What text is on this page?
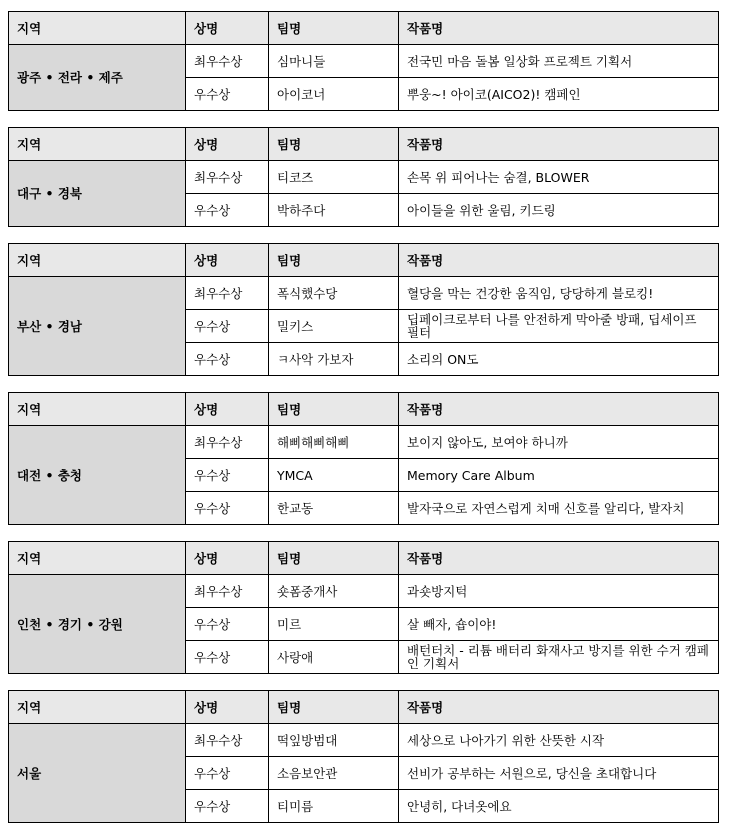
지역	상명	팀명	작품명
광주 • 전라 • 제주	최우수상	심마니들	전국민 마음 돌봄 일상화 프로젝트 기획서
	우수상	아이코너	뿌웅~! 아이코(AICO2)! 캠페인
지역	상명	팀명	작품명
대구 • 경북	최우수상	티코즈	손목 위 피어나는 숨결, BLOWER
	우수상	박하주다	아이들을 위한 울림, 키드링
지역	상명	팀명	작품명
부산 • 경남	최우수상	폭식했수당	혈당을 막는 건강한 움직임, 당당하게 블로킹!
	우수상	밀키스	딥페이크로부터 나를 안전하게 막아줄 방패, 딥세이프 필터
	우수상	ㅋ사악 가보자	소리의 ON도
지역	상명	팀명	작품명
대전 • 충청	최우수상	해삐해삐해삐	보이지 않아도, 보여야 하니까
	우수상	YMCA	Memory Care Album
	우수상	한교동	발자국으로 자연스럽게 치매 신호를 알리다, 발자치
지역	상명	팀명	작품명
인천 • 경기 • 강원	최우수상	숏폼중개사	과숏방지턱
	우수상	미르	살 빼자, 숍이야!
	우수상	사랑애	배턴터치 - 리튬 배터리 화재사고 방지를 위한 수거 캠페인 기획서
지역	상명	팀명	작품명
서울	최우수상	떡잎방범대	세상으로 나아가기 위한 산뜻한 시작
	우수상	소음보안관	선비가 공부하는 서원으로, 당신을 초대합니다
	우수상	티미름	안녕히, 다녀옷에요
